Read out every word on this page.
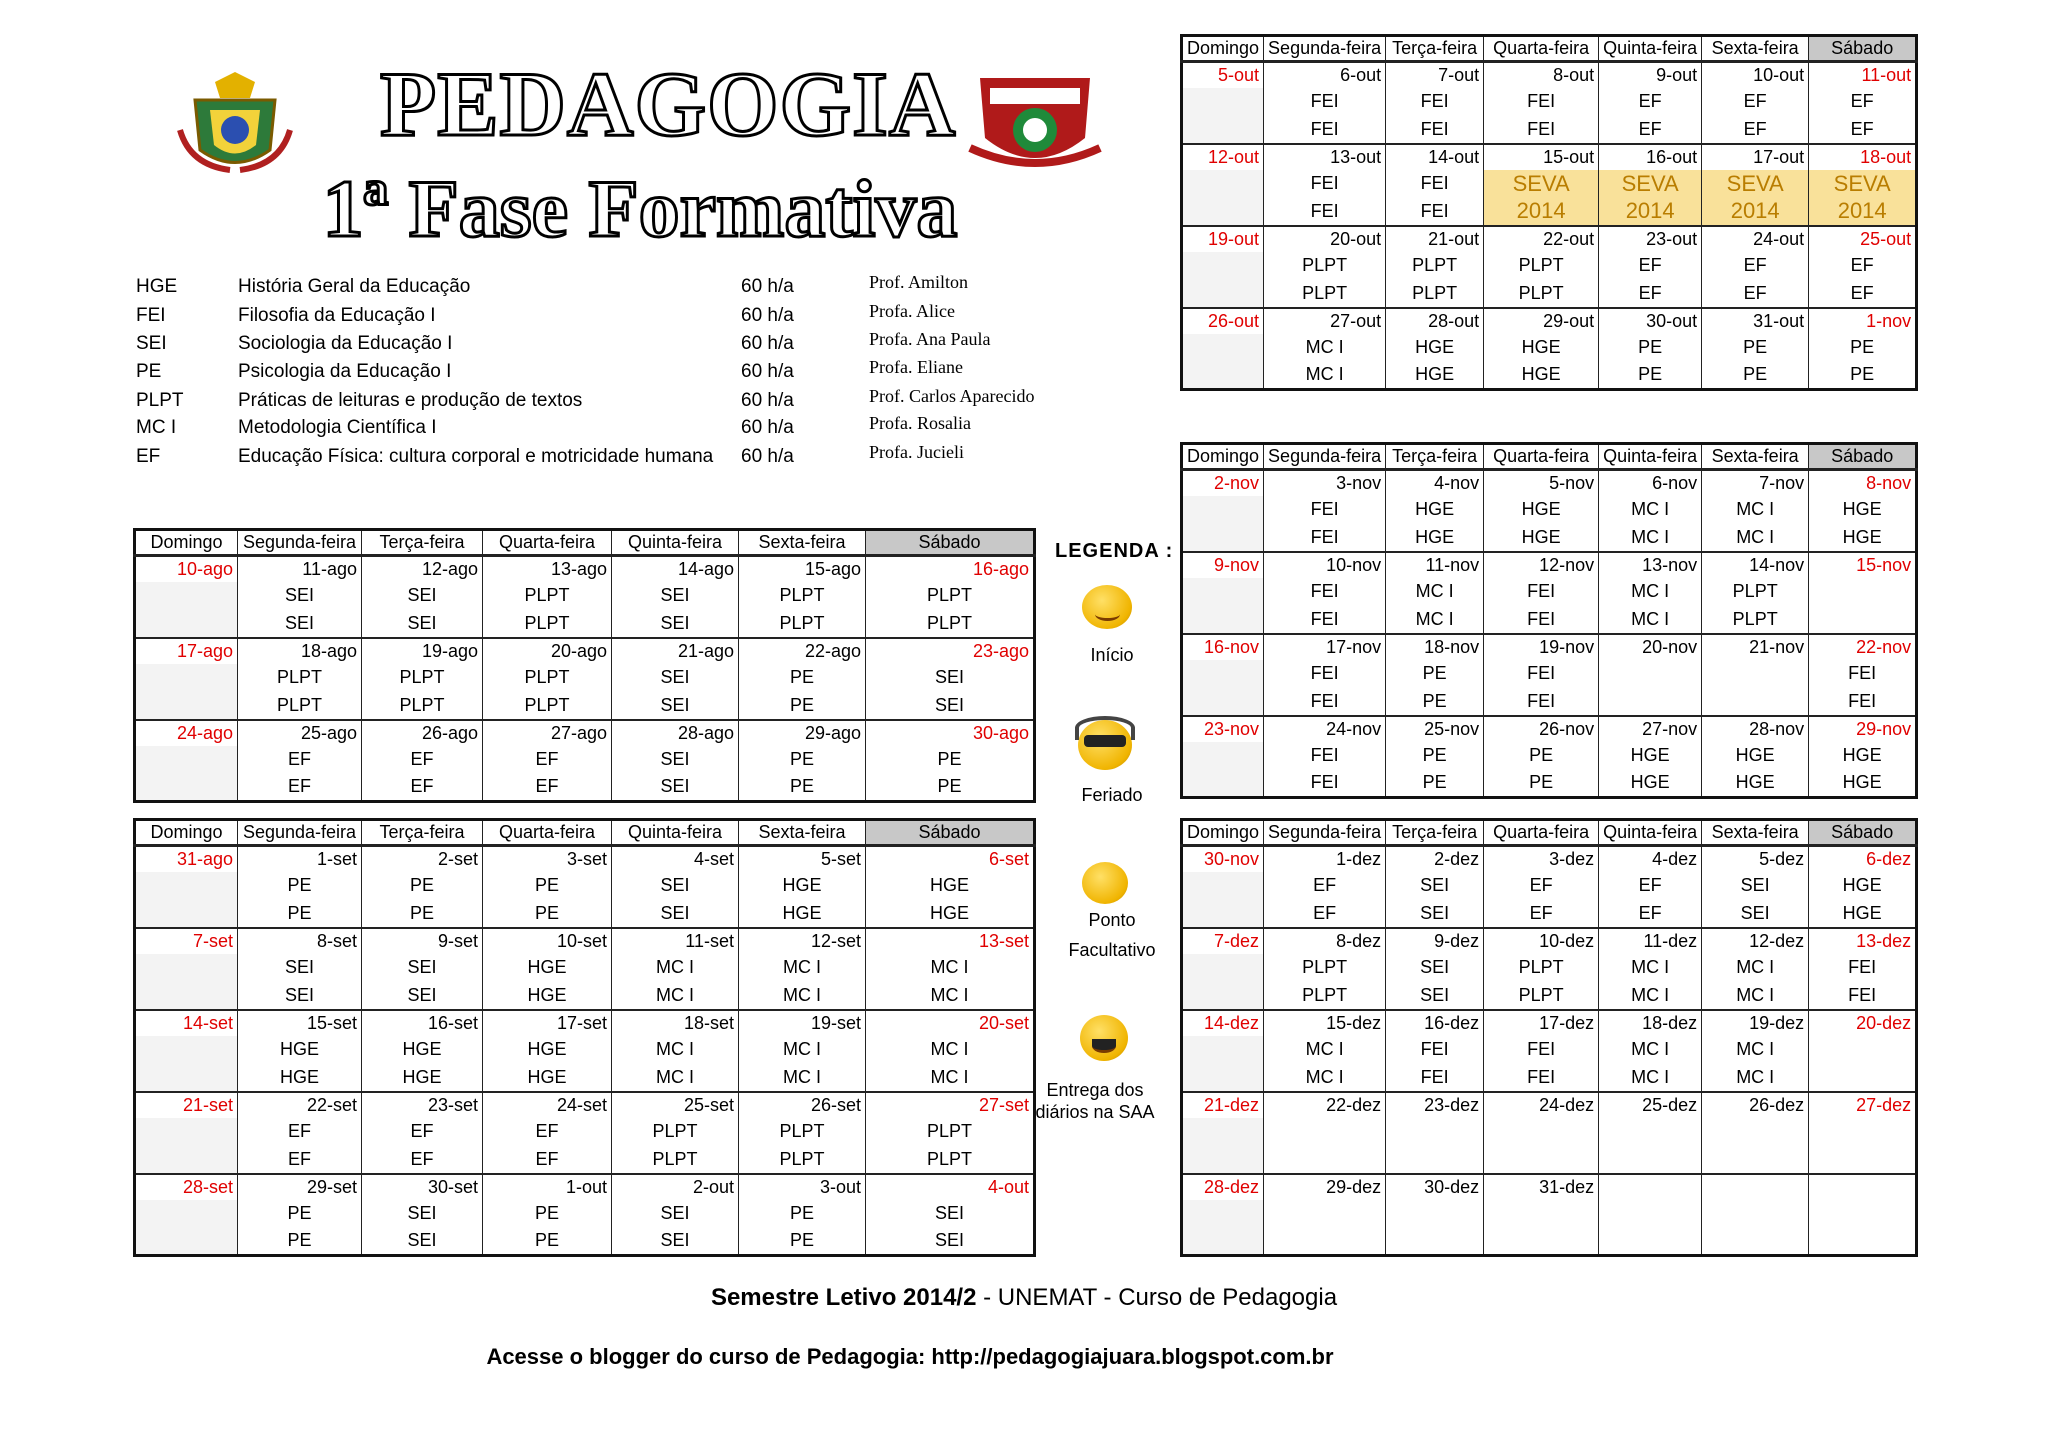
PEDAGOGIA
1ª Fase Formativa
HGE	História Geral da Educação	60 h/a	Prof. Amilton
FEI	Filosofia da Educação I	60 h/a	Profa. Alice
SEI	Sociologia da Educação I	60 h/a	Profa. Ana Paula
PE	Psicologia da Educação I	60 h/a	Profa. Eliane
PLPT	Práticas de leituras e produção de textos	60 h/a	Prof. Carlos Aparecido
MC I	Metodologia Científica I	60 h/a	Profa. Rosalia
EF	Educação Física: cultura corporal e motricidade humana 60 h/a	Profa. Jucieli
Domingo	Segunda-feira	Terça-feira	Quarta-feira	Quinta-feira	Sexta-feira	Sábado
10-ago	11-ago	12-ago	13-ago	14-ago	15-ago	16-ago
	SEI	SEI	PLPT	SEI	PLPT	PLPT
	SEI	SEI	PLPT	SEI	PLPT	PLPT
17-ago	18-ago	19-ago	20-ago	21-ago	22-ago	23-ago
	PLPT	PLPT	PLPT	SEI	PE	SEI
	PLPT	PLPT	PLPT	SEI	PE	SEI
24-ago	25-ago	26-ago	27-ago	28-ago	29-ago	30-ago
	EF	EF	EF	SEI	PE	PE
	EF	EF	EF	SEI	PE	PE
Domingo	Segunda-feira	Terça-feira	Quarta-feira	Quinta-feira	Sexta-feira	Sábado
31-ago	1-set	2-set	3-set	4-set	5-set	6-set
	PE	PE	PE	SEI	HGE	HGE
	PE	PE	PE	SEI	HGE	HGE
7-set	8-set	9-set	10-set	11-set	12-set	13-set
	SEI	SEI	HGE	MC I	MC I	MC I
	SEI	SEI	HGE	MC I	MC I	MC I
14-set	15-set	16-set	17-set	18-set	19-set	20-set
	HGE	HGE	HGE	MC I	MC I	MC I
	HGE	HGE	HGE	MC I	MC I	MC I
21-set	22-set	23-set	24-set	25-set	26-set	27-set
	EF	EF	EF	PLPT	PLPT	PLPT
	EF	EF	EF	PLPT	PLPT	PLPT
28-set	29-set	30-set	1-out	2-out	3-out	4-out
	PE	SEI	PE	SEI	PE	SEI
	PE	SEI	PE	SEI	PE	SEI
Domingo	Segunda-feira	Terça-feira	Quarta-feira	Quinta-feira	Sexta-feira	Sábado
5-out	6-out	7-out	8-out	9-out	10-out	11-out
	FEI	FEI	FEI	EF	EF	EF
	FEI	FEI	FEI	EF	EF	EF
12-out	13-out	14-out	15-out	16-out	17-out	18-out
	FEI	FEI	SEVA	SEVA	SEVA	SEVA
	FEI	FEI	2014	2014	2014	2014
19-out	20-out	21-out	22-out	23-out	24-out	25-out
	PLPT	PLPT	PLPT	EF	EF	EF
	PLPT	PLPT	PLPT	EF	EF	EF
26-out	27-out	28-out	29-out	30-out	31-out	1-nov
	MC I	HGE	HGE	PE	PE	PE
	MC I	HGE	HGE	PE	PE	PE
Domingo	Segunda-feira	Terça-feira	Quarta-feira	Quinta-feira	Sexta-feira	Sábado
2-nov	3-nov	4-nov	5-nov	6-nov	7-nov	8-nov
	FEI	HGE	HGE	MC I	MC I	HGE
	FEI	HGE	HGE	MC I	MC I	HGE
9-nov	10-nov	11-nov	12-nov	13-nov	14-nov	15-nov
	FEI	MC I	FEI	MC I	PLPT	
	FEI	MC I	FEI	MC I	PLPT	
16-nov	17-nov	18-nov	19-nov	20-nov	21-nov	22-nov
	FEI	PE	FEI			FEI
	FEI	PE	FEI			FEI
23-nov	24-nov	25-nov	26-nov	27-nov	28-nov	29-nov
	FEI	PE	PE	HGE	HGE	HGE
	FEI	PE	PE	HGE	HGE	HGE
Domingo	Segunda-feira	Terça-feira	Quarta-feira	Quinta-feira	Sexta-feira	Sábado
30-nov	1-dez	2-dez	3-dez	4-dez	5-dez	6-dez
	EF	SEI	EF	EF	SEI	HGE
	EF	SEI	EF	EF	SEI	HGE
7-dez	8-dez	9-dez	10-dez	11-dez	12-dez	13-dez
	PLPT	SEI	PLPT	MC I	MC I	FEI
	PLPT	SEI	PLPT	MC I	MC I	FEI
14-dez	15-dez	16-dez	17-dez	18-dez	19-dez	20-dez
	MC I	FEI	FEI	MC I	MC I	
	MC I	FEI	FEI	MC I	MC I	
21-dez	22-dez	23-dez	24-dez	25-dez	26-dez	27-dez

28-dez	29-dez	30-dez	31-dez			

LEGENDA :
Início
Feriado
Ponto
Facultativo
Entrega dos
diários na SAA
Semestre Letivo 2014/2 - UNEMAT - Curso de Pedagogia
Acesse o blogger do curso de Pedagogia: http://pedagogiajuara.blogspot.com.br
